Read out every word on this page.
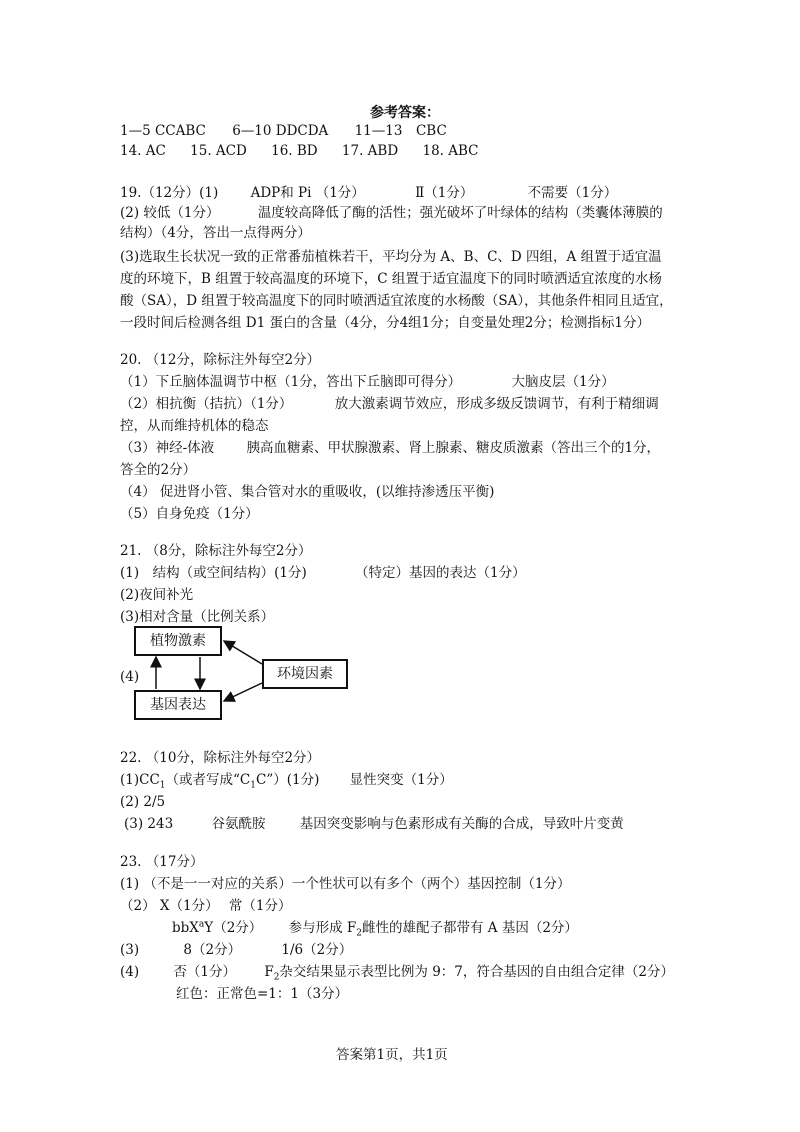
参考答案：
1—5 CCABC 6—10 DDCDA 11—13　CBC
14. AC 15. ACD 16. BD 17. ABD 18. ABC
19.（12分）(1) ADP和 Pi （1分）	Ⅱ（1分）	不需要（1分）
(2) 较低（1分）	温度较高降低了酶的活性；强光破坏了叶绿体的结构（类囊体薄膜的
结构）（4分，答出一点得两分）
(3)选取生长状况一致的正常番茄植株若干，平均分为 A、B、C、D 四组，A 组置于适宜温
度的环境下，B 组置于较高温度的环境下，C 组置于适宜温度下的同时喷洒适宜浓度的水杨
酸（SA），D 组置于较高温度下的同时喷洒适宜浓度的水杨酸（SA），其他条件相同且适宜，
一段时间后检测各组 D1 蛋白的含量（4分，分4组1分；自变量处理2分；检测指标1分）
20. （12分，除标注外每空2分）
（1）下丘脑体温调节中枢（1分，答出下丘脑即可得分）	大脑皮层（1分）
（2）相抗衡（拮抗）（1分）	放大激素调节效应，形成多级反馈调节，有利于精细调
控，从而维持机体的稳态
（3）神经-体液 胰高血糖素、甲状腺激素、肾上腺素、糖皮质激素（答出三个的1分，
答全的2分）
（4） 促进肾小管、集合管对水的重吸收，(以维持渗透压平衡)
（5）自身免疫（1分）
21. （8分，除标注外每空2分）
(1)　结构（或空间结构）(1分)	（特定）基因的表达（1分）
(2)夜间补光
(3)相对含量（比例关系）
(4)
植物激素
基因表达
环境因素
22. （10分，除标注外每空2分）
$(1)CC_1$（或者写成“$C_1C”)(1$分) 显性突变（1分）
(2) 2/5
(3) 243	谷氨酰胺	基因突变影响与色素形成有关酶的合成，导致叶片变黄
23. （17分）
(1) （不是一一对应的关系）一个性状可以有多个（两个）基因控制（1分）
（2） X（1分） 常（1分）
bbX$^a$Y（2分） 参与形成 $F_2$雌性的雄配子都带有 A 基因（2分）
(3)	8（2分）	1/6（2分）
(4)	否（1分） $F_2$杂交结果显示表型比例为 9：7，符合基因的自由组合定律（2分）
红色：正常色=1：1（3分）
答案第1页，共1页
